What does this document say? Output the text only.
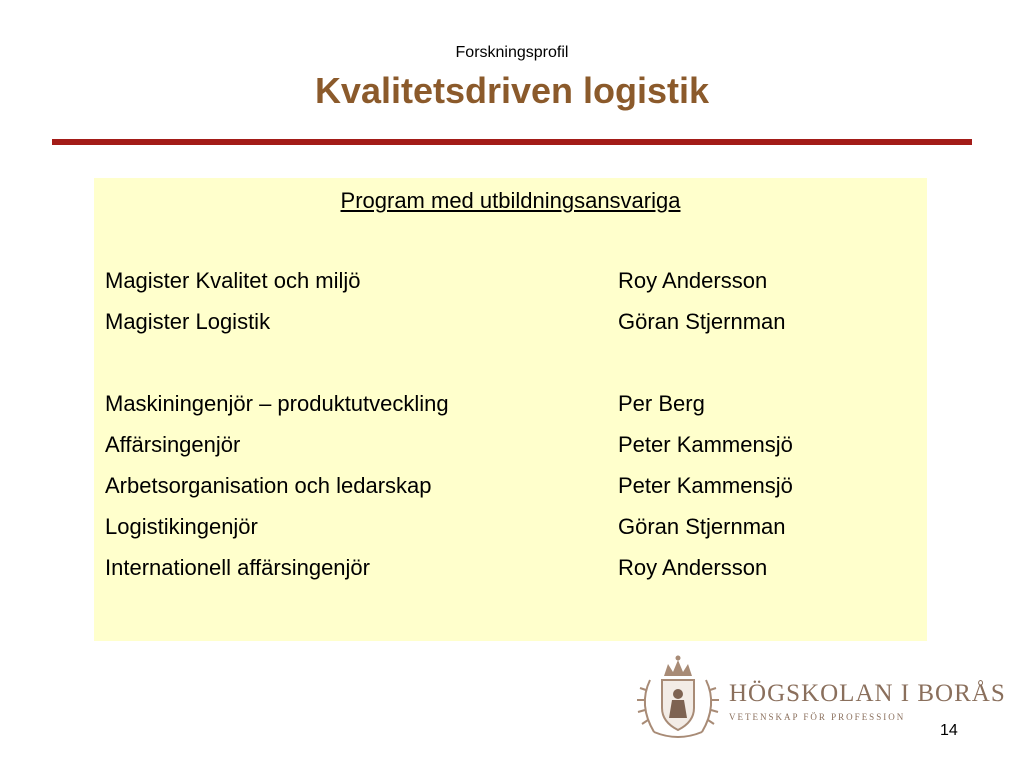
Forskningsprofil
Kvalitetsdriven logistik
Program med utbildningsansvariga
Magister Kvalitet och miljö	Roy Andersson
Magister Logistik	Göran Stjernman
Maskiningenjör – produktutveckling	Per Berg
Affärsingenjör	Peter Kammensjö
Arbetsorganisation och ledarskap	Peter Kammensjö
Logistikingenjör	Göran Stjernman
Internationell affärsingenjör	Roy Andersson
HÖGSKOLAN I BORÅS
VETENSKAP FÖR PROFESSION
14
